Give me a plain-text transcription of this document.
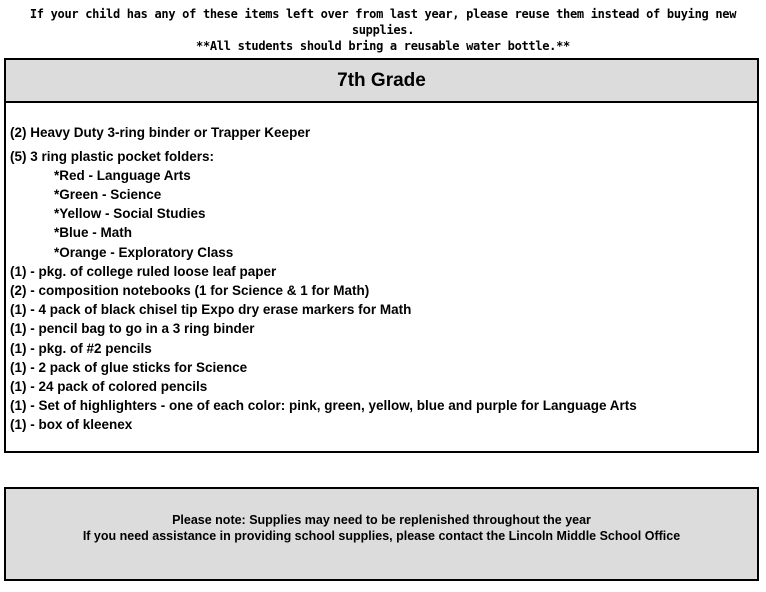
If your child has any of these items left over from last year, please reuse them instead of buying new supplies.
**All students should bring a reusable water bottle.**
7th Grade
(2) Heavy Duty 3-ring binder or Trapper Keeper
(5) 3 ring plastic pocket folders:
*Red - Language Arts
*Green - Science
*Yellow - Social Studies
*Blue - Math
*Orange - Exploratory Class
(1) - pkg. of college ruled loose leaf paper
(2) - composition notebooks (1 for Science & 1 for Math)
(1) - 4 pack of black chisel tip Expo dry erase markers for Math
(1) - pencil bag to go in a 3 ring binder
(1) - pkg. of #2 pencils
(1) - 2 pack of glue sticks for Science
(1) - 24 pack of colored pencils
(1) - Set of highlighters - one of each color: pink, green, yellow, blue and purple for Language Arts
(1) - box of kleenex
Please note: Supplies may need to be replenished throughout the year
If you need assistance in providing school supplies, please contact the Lincoln Middle School Office
